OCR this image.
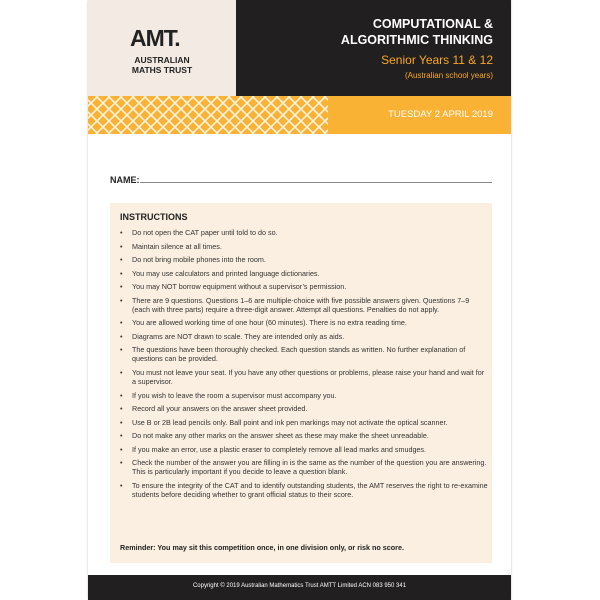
AMT.
AUSTRALIAN
MATHS TRUST
COMPUTATIONAL &
ALGORITHMIC THINKING
Senior Years 11 & 12
(Australian school years)
TUESDAY 2 APRIL 2019
NAME:
INSTRUCTIONS
• Do not open the CAT paper until told to do so.
• Maintain silence at all times.
• Do not bring mobile phones into the room.
• You may use calculators and printed language dictionaries.
• You may NOT borrow equipment without a supervisor’s permission.
• There are 9 questions. Questions 1–6 are multiple-choice with five possible answers given. Questions 7–9 (each with three parts) require a three-digit answer. Attempt all questions. Penalties do not apply.
• You are allowed working time of one hour (60 minutes). There is no extra reading time.
• Diagrams are NOT drawn to scale. They are intended only as aids.
• The questions have been thoroughly checked. Each question stands as written. No further explanation of questions can be provided.
• You must not leave your seat. If you have any other questions or problems, please raise your hand and wait for a supervisor.
• If you wish to leave the room a supervisor must accompany you.
• Record all your answers on the answer sheet provided.
• Use B or 2B lead pencils only. Ball point and ink pen markings may not activate the optical scanner.
• Do not make any other marks on the answer sheet as these may make the sheet unreadable.
• If you make an error, use a plastic eraser to completely remove all lead marks and smudges.
• Check the number of the answer you are filling in is the same as the number of the question you are answering. This is particularly important if you decide to leave a question blank.
• To ensure the integrity of the CAT and to identify outstanding students, the AMT reserves the right to re-examine students before deciding whether to grant official status to their score.
Reminder: You may sit this competition once, in one division only, or risk no score.
Copyright © 2019 Australian Mathematics Trust AMTT Limited ACN 083 950 341
